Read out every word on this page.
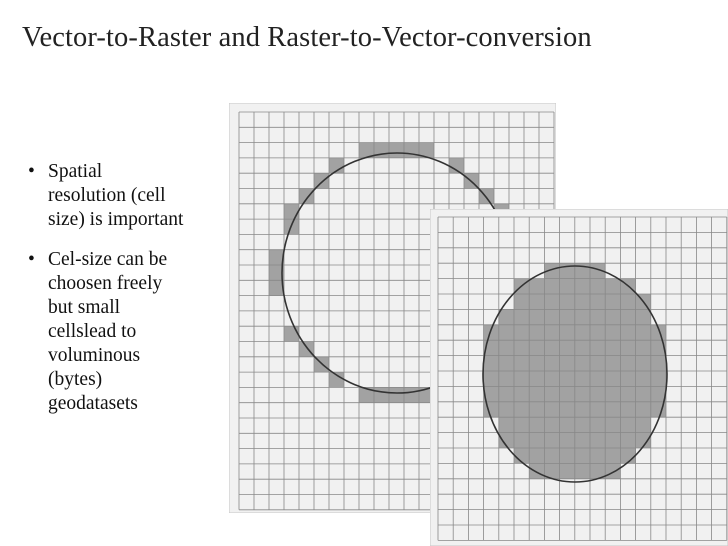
Vector-to-Raster and Raster-to-Vector-conversion
• Spatial
resolution (cell
size) is important
• Cel-size can be
choosen freely
but small
cellslead to
voluminous
(bytes)
geodatasets
